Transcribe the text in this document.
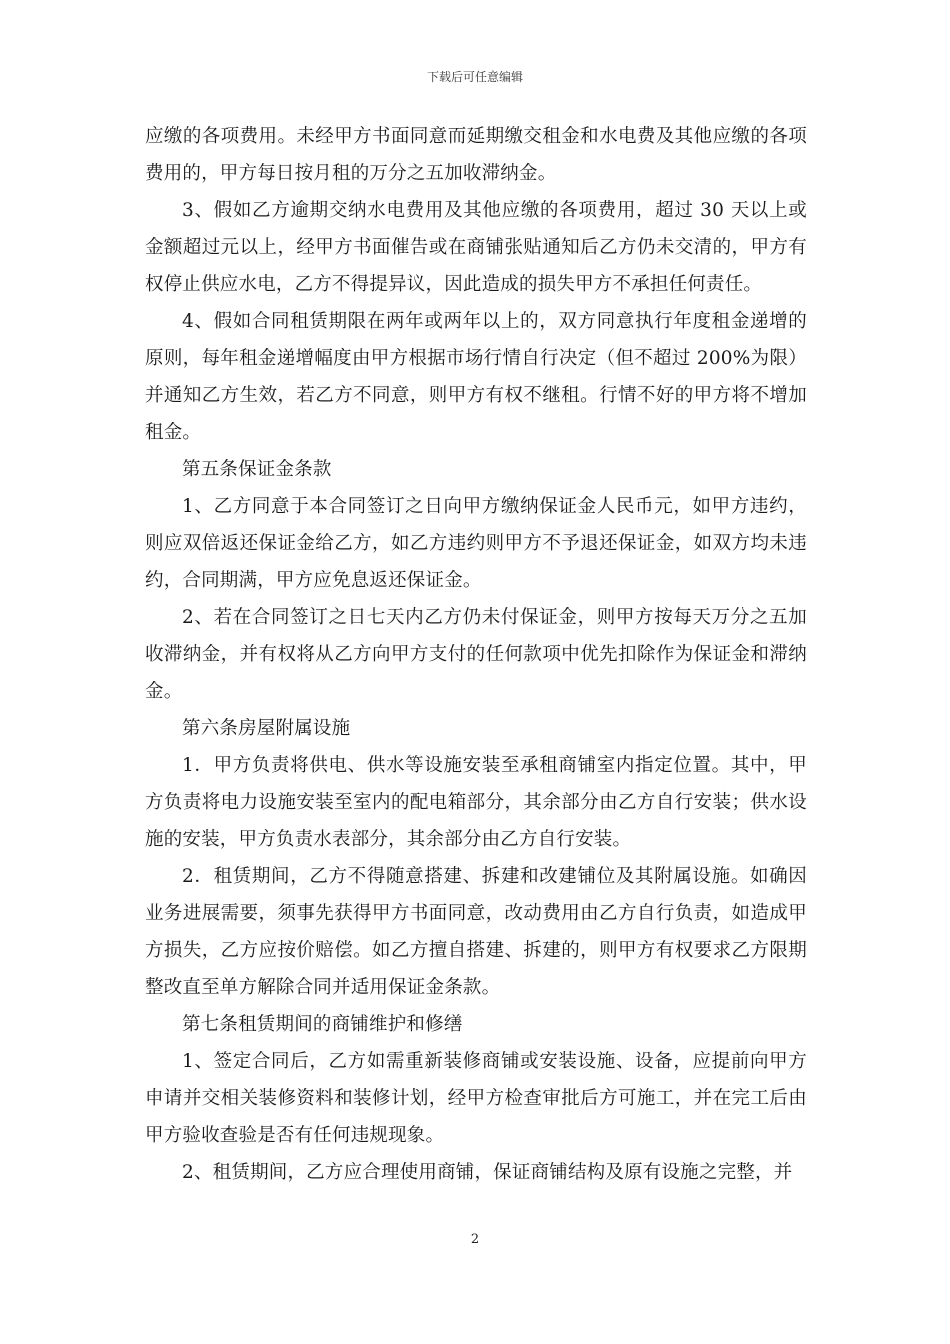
下载后可任意编辑

应缴的各项费用。未经甲方书面同意而延期缴交租金和水电费及其他应缴的各项费用的，甲方每日按月租的万分之五加收滞纳金。

3、假如乙方逾期交纳水电费用及其他应缴的各项费用，超过 30 天以上或金额超过元以上，经甲方书面催告或在商铺张贴通知后乙方仍未交清的，甲方有权停止供应水电，乙方不得提异议，因此造成的损失甲方不承担任何责任。

4、假如合同租赁期限在两年或两年以上的，双方同意执行年度租金递增的原则，每年租金递增幅度由甲方根据市场行情自行决定（但不超过 200%为限）并通知乙方生效，若乙方不同意，则甲方有权不继租。行情不好的甲方将不增加租金。

第五条保证金条款

1、乙方同意于本合同签订之日向甲方缴纳保证金人民币元，如甲方违约，则应双倍返还保证金给乙方，如乙方违约则甲方不予退还保证金，如双方均未违约，合同期满，甲方应免息返还保证金。

2、若在合同签订之日七天内乙方仍未付保证金，则甲方按每天万分之五加收滞纳金，并有权将从乙方向甲方支付的任何款项中优先扣除作为保证金和滞纳金。

第六条房屋附属设施

1．甲方负责将供电、供水等设施安装至承租商铺室内指定位置。其中，甲方负责将电力设施安装至室内的配电箱部分，其余部分由乙方自行安装；供水设施的安装，甲方负责水表部分，其余部分由乙方自行安装。

2．租赁期间，乙方不得随意搭建、拆建和改建铺位及其附属设施。如确因业务进展需要，须事先获得甲方书面同意，改动费用由乙方自行负责，如造成甲方损失，乙方应按价赔偿。如乙方擅自搭建、拆建的，则甲方有权要求乙方限期整改直至单方解除合同并适用保证金条款。

第七条租赁期间的商铺维护和修缮

1、签定合同后，乙方如需重新装修商铺或安装设施、设备，应提前向甲方申请并交相关装修资料和装修计划，经甲方检查审批后方可施工，并在完工后由甲方验收查验是否有任何违规现象。

2、租赁期间，乙方应合理使用商铺，保证商铺结构及原有设施之完整，并

2
